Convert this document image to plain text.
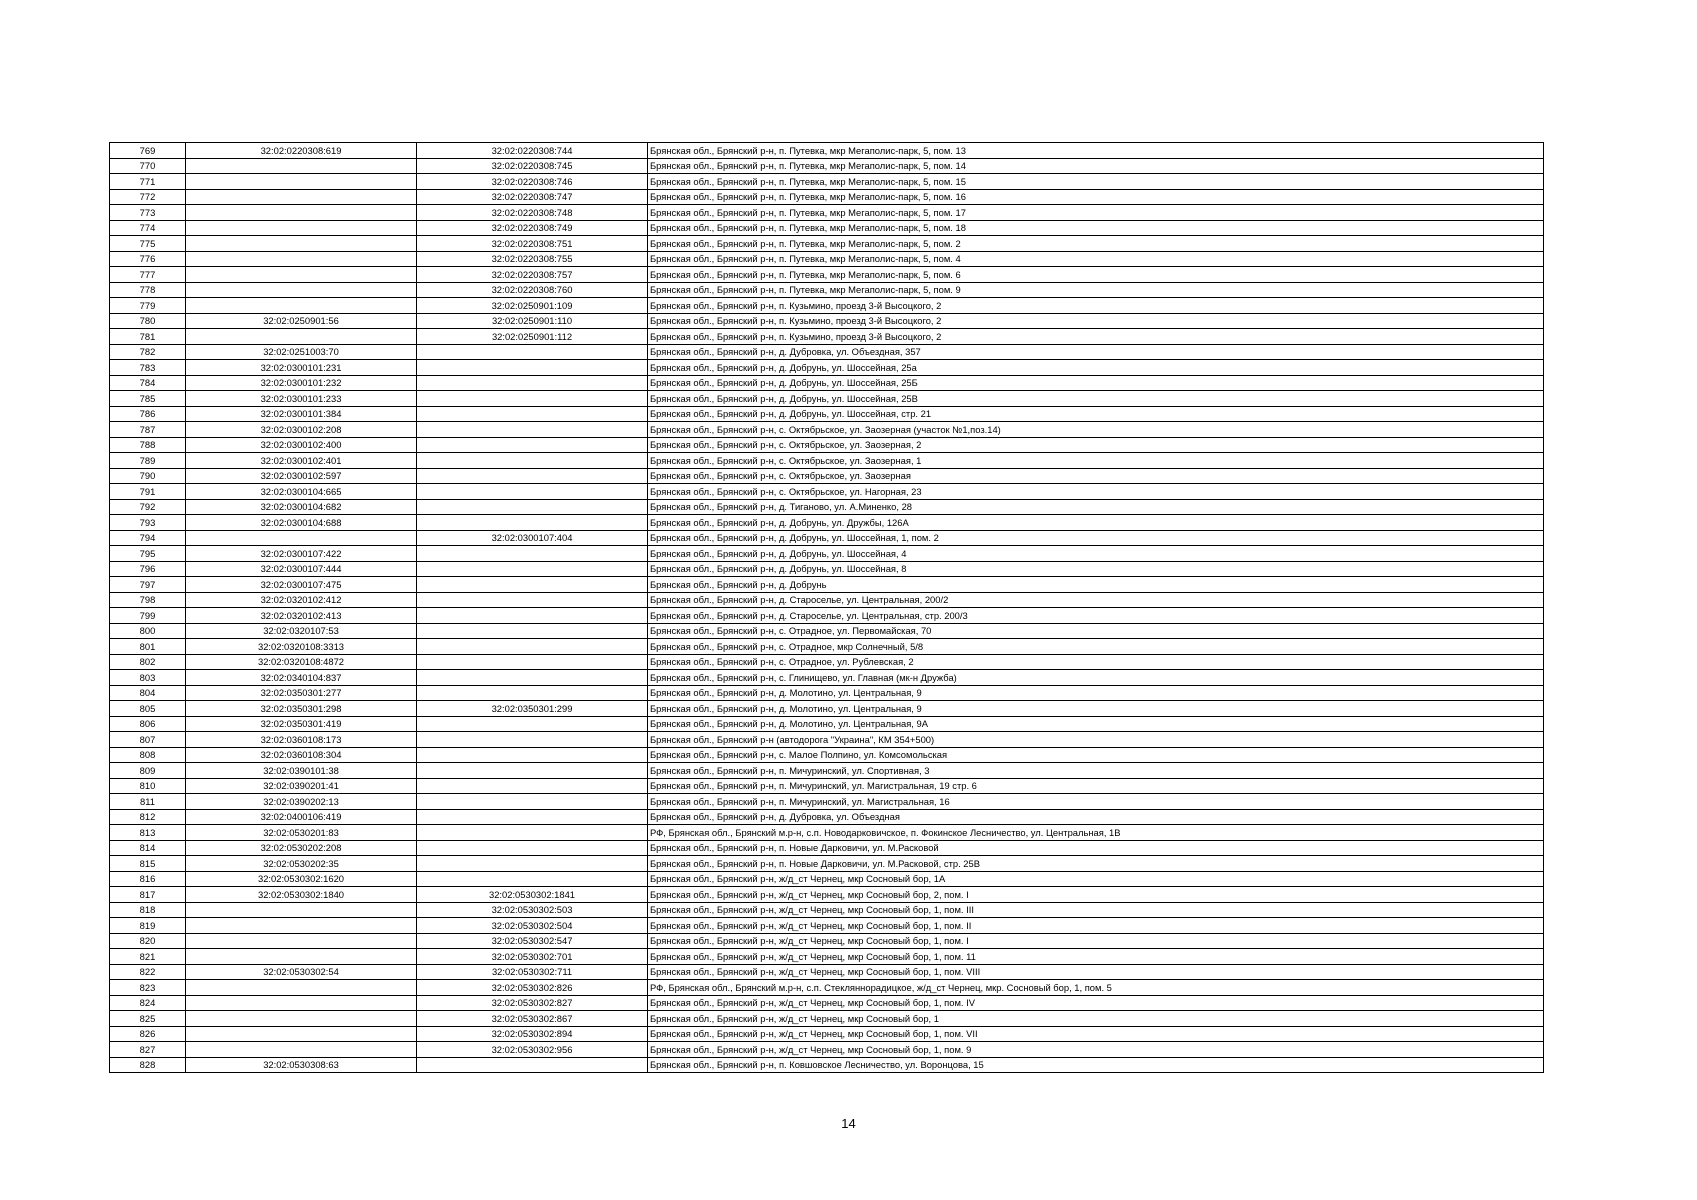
769	32:02:0220308:619	32:02:0220308:744	Брянская обл., Брянский р-н, п. Путевка, мкр Мегаполис-парк, 5, пом. 13
770		32:02:0220308:745	Брянская обл., Брянский р-н, п. Путевка, мкр Мегаполис-парк, 5, пом. 14
771		32:02:0220308:746	Брянская обл., Брянский р-н, п. Путевка, мкр Мегаполис-парк, 5, пом. 15
772		32:02:0220308:747	Брянская обл., Брянский р-н, п. Путевка, мкр Мегаполис-парк, 5, пом. 16
773		32:02:0220308:748	Брянская обл., Брянский р-н, п. Путевка, мкр Мегаполис-парк, 5, пом. 17
774		32:02:0220308:749	Брянская обл., Брянский р-н, п. Путевка, мкр Мегаполис-парк, 5, пом. 18
775		32:02:0220308:751	Брянская обл., Брянский р-н, п. Путевка, мкр Мегаполис-парк, 5, пом. 2
776		32:02:0220308:755	Брянская обл., Брянский р-н, п. Путевка, мкр Мегаполис-парк, 5, пом. 4
777		32:02:0220308:757	Брянская обл., Брянский р-н, п. Путевка, мкр Мегаполис-парк, 5, пом. 6
778		32:02:0220308:760	Брянская обл., Брянский р-н, п. Путевка, мкр Мегаполис-парк, 5, пом. 9
779		32:02:0250901:109	Брянская обл., Брянский р-н, п. Кузьмино, проезд 3-й Высоцкого, 2
780	32:02:0250901:56	32:02:0250901:110	Брянская обл., Брянский р-н, п. Кузьмино, проезд 3-й Высоцкого, 2
781		32:02:0250901:112	Брянская обл., Брянский р-н, п. Кузьмино, проезд 3-й Высоцкого, 2
782	32:02:0251003:70		Брянская обл., Брянский р-н, д. Дубровка, ул. Объездная, 357
783	32:02:0300101:231		Брянская обл., Брянский р-н, д. Добрунь, ул. Шоссейная, 25а
784	32:02:0300101:232		Брянская обл., Брянский р-н, д. Добрунь, ул. Шоссейная, 25Б
785	32:02:0300101:233		Брянская обл., Брянский р-н, д. Добрунь, ул. Шоссейная, 25В
786	32:02:0300101:384		Брянская обл., Брянский р-н, д. Добрунь, ул. Шоссейная, стр. 21
787	32:02:0300102:208		Брянская обл., Брянский р-н, с. Октябрьское, ул. Заозерная (участок №1,поз.14)
788	32:02:0300102:400		Брянская обл., Брянский р-н, с. Октябрьское, ул. Заозерная, 2
789	32:02:0300102:401		Брянская обл., Брянский р-н, с. Октябрьское, ул. Заозерная, 1
790	32:02:0300102:597		Брянская обл., Брянский р-н, с. Октябрьское, ул. Заозерная
791	32:02:0300104:665		Брянская обл., Брянский р-н, с. Октябрьское, ул. Нагорная, 23
792	32:02:0300104:682		Брянская обл., Брянский р-н, д. Тиганово, ул. А.Миненко, 28
793	32:02:0300104:688		Брянская обл., Брянский р-н, д. Добрунь, ул. Дружбы, 126А
794		32:02:0300107:404	Брянская обл., Брянский р-н, д. Добрунь, ул. Шоссейная, 1, пом. 2
795	32:02:0300107:422		Брянская обл., Брянский р-н, д. Добрунь, ул. Шоссейная, 4
796	32:02:0300107:444		Брянская обл., Брянский р-н, д. Добрунь, ул. Шоссейная, 8
797	32:02:0300107:475		Брянская обл., Брянский р-н, д. Добрунь
798	32:02:0320102:412		Брянская обл., Брянский р-н, д. Староселье, ул. Центральная, 200/2
799	32:02:0320102:413		Брянская обл., Брянский р-н, д. Староселье, ул. Центральная, стр. 200/3
800	32:02:0320107:53		Брянская обл., Брянский р-н, с. Отрадное, ул. Первомайская, 70
801	32:02:0320108:3313		Брянская обл., Брянский р-н, с. Отрадное, мкр Солнечный, 5/8
802	32:02:0320108:4872		Брянская обл., Брянский р-н, с. Отрадное, ул. Рублевская, 2
803	32:02:0340104:837		Брянская обл., Брянский р-н, с. Глинищево, ул. Главная (мк-н Дружба)
804	32:02:0350301:277		Брянская обл., Брянский р-н, д. Молотино, ул. Центральная, 9
805	32:02:0350301:298	32:02:0350301:299	Брянская обл., Брянский р-н, д. Молотино, ул. Центральная, 9
806	32:02:0350301:419		Брянская обл., Брянский р-н, д. Молотино, ул. Центральная, 9А
807	32:02:0360108:173		Брянская обл., Брянский р-н (автодорога "Украина", КМ 354+500)
808	32:02:0360108:304		Брянская обл., Брянский р-н, с. Малое Полпино, ул. Комсомольская
809	32:02:0390101:38		Брянская обл., Брянский р-н, п. Мичуринский, ул. Спортивная, 3
810	32:02:0390201:41		Брянская обл., Брянский р-н, п. Мичуринский, ул. Магистральная, 19 стр. 6
811	32:02:0390202:13		Брянская обл., Брянский р-н, п. Мичуринский, ул. Магистральная, 16
812	32:02:0400106:419		Брянская обл., Брянский р-н, д. Дубровка, ул. Объездная
813	32:02:0530201:83		РФ, Брянская обл., Брянский м.р-н, с.п. Новодарковичское, п. Фокинское Лесничество, ул. Центральная, 1В
814	32:02:0530202:208		Брянская обл., Брянский р-н, п. Новые Дарковичи, ул. М.Расковой
815	32:02:0530202:35		Брянская обл., Брянский р-н, п. Новые Дарковичи, ул. М.Расковой, стр. 25В
816	32:02:0530302:1620		Брянская обл., Брянский р-н, ж/д_ст Чернец, мкр Сосновый бор, 1А
817	32:02:0530302:1840	32:02:0530302:1841	Брянская обл., Брянский р-н, ж/д_ст Чернец, мкр Сосновый бор, 2, пом. I
818		32:02:0530302:503	Брянская обл., Брянский р-н, ж/д_ст Чернец, мкр Сосновый бор, 1, пом. III
819		32:02:0530302:504	Брянская обл., Брянский р-н, ж/д_ст Чернец, мкр Сосновый бор, 1, пом. II
820		32:02:0530302:547	Брянская обл., Брянский р-н, ж/д_ст Чернец, мкр Сосновый бор, 1, пом. I
821		32:02:0530302:701	Брянская обл., Брянский р-н, ж/д_ст Чернец, мкр Сосновый бор, 1, пом. 11
822	32:02:0530302:54	32:02:0530302:711	Брянская обл., Брянский р-н, ж/д_ст Чернец, мкр Сосновый бор, 1, пом. VIII
823		32:02:0530302:826	РФ, Брянская обл., Брянский м.р-н, с.п. Стекляннорадицкое, ж/д_ст Чернец, мкр. Сосновый бор, 1, пом. 5
824		32:02:0530302:827	Брянская обл., Брянский р-н, ж/д_ст Чернец, мкр Сосновый бор, 1, пом. IV
825		32:02:0530302:867	Брянская обл., Брянский р-н, ж/д_ст Чернец, мкр Сосновый бор, 1
826		32:02:0530302:894	Брянская обл., Брянский р-н, ж/д_ст Чернец, мкр Сосновый бор, 1, пом. VII
827		32:02:0530302:956	Брянская обл., Брянский р-н, ж/д_ст Чернец, мкр Сосновый бор, 1, пом. 9
828	32:02:0530308:63		Брянская обл., Брянский р-н, п. Ковшовское Лесничество, ул. Воронцова, 15
14
